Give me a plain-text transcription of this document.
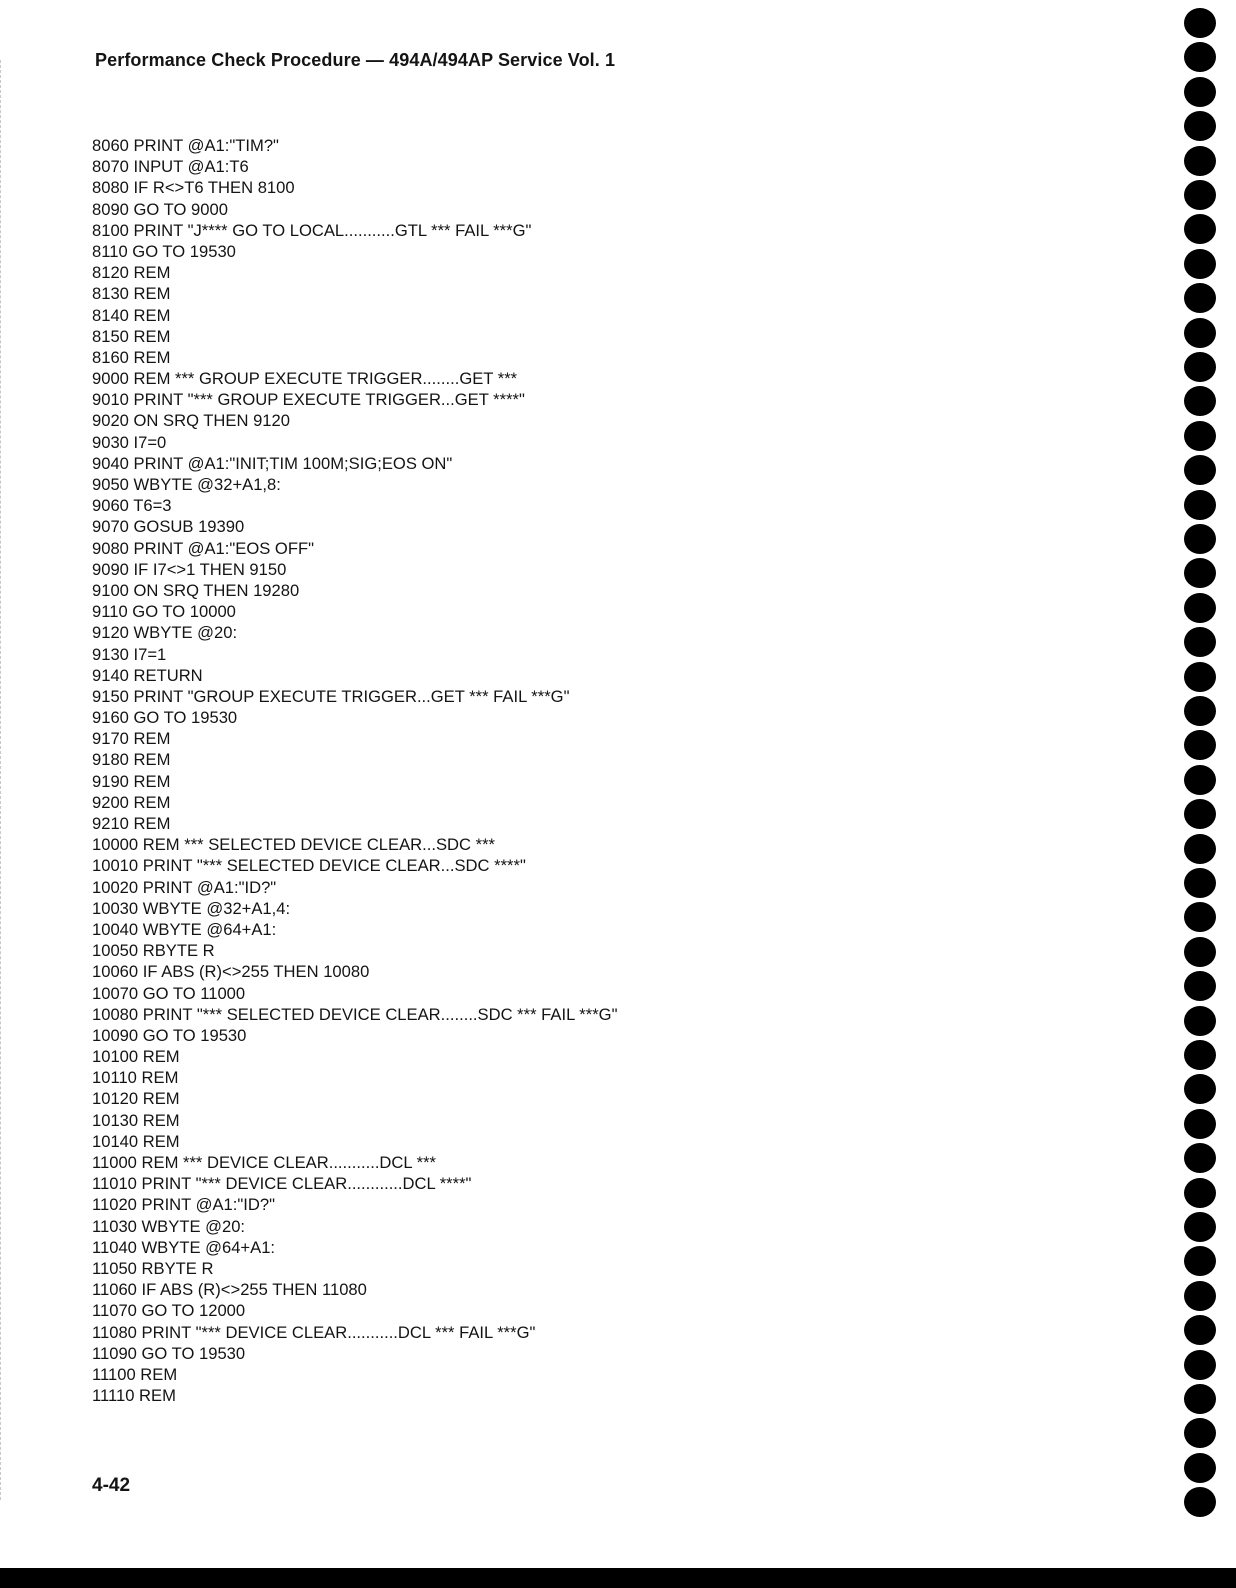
Performance Check Procedure — 494A/494AP Service Vol. 1
8060 PRINT @A1:"TIM?"
8070 INPUT @A1:T6
8080 IF R<>T6 THEN 8100
8090 GO TO 9000
8100 PRINT "J**** GO TO LOCAL...........GTL *** FAIL ***G"
8110 GO TO 19530
8120 REM
8130 REM
8140 REM
8150 REM
8160 REM
9000 REM *** GROUP EXECUTE TRIGGER........GET ***
9010 PRINT "*** GROUP EXECUTE TRIGGER...GET ****"
9020 ON SRQ THEN 9120
9030 I7=0
9040 PRINT @A1:"INIT;TIM 100M;SIG;EOS ON"
9050 WBYTE @32+A1,8:
9060 T6=3
9070 GOSUB 19390
9080 PRINT @A1:"EOS OFF"
9090 IF I7<>1 THEN 9150
9100 ON SRQ THEN 19280
9110 GO TO 10000
9120 WBYTE @20:
9130 I7=1
9140 RETURN
9150 PRINT "GROUP EXECUTE TRIGGER...GET *** FAIL ***G"
9160 GO TO 19530
9170 REM
9180 REM
9190 REM
9200 REM
9210 REM
10000 REM *** SELECTED DEVICE CLEAR...SDC ***
10010 PRINT "*** SELECTED DEVICE CLEAR...SDC ****"
10020 PRINT @A1:"ID?"
10030 WBYTE @32+A1,4:
10040 WBYTE @64+A1:
10050 RBYTE R
10060 IF ABS (R)<>255 THEN 10080
10070 GO TO 11000
10080 PRINT "*** SELECTED DEVICE CLEAR........SDC *** FAIL ***G"
10090 GO TO 19530
10100 REM
10110 REM
10120 REM
10130 REM
10140 REM
11000 REM *** DEVICE CLEAR...........DCL ***
11010 PRINT "*** DEVICE CLEAR............DCL ****"
11020 PRINT @A1:"ID?"
11030 WBYTE @20:
11040 WBYTE @64+A1:
11050 RBYTE R
11060 IF ABS (R)<>255 THEN 11080
11070 GO TO 12000
11080 PRINT "*** DEVICE CLEAR...........DCL *** FAIL ***G"
11090 GO TO 19530
11100 REM
11110 REM
4-42
